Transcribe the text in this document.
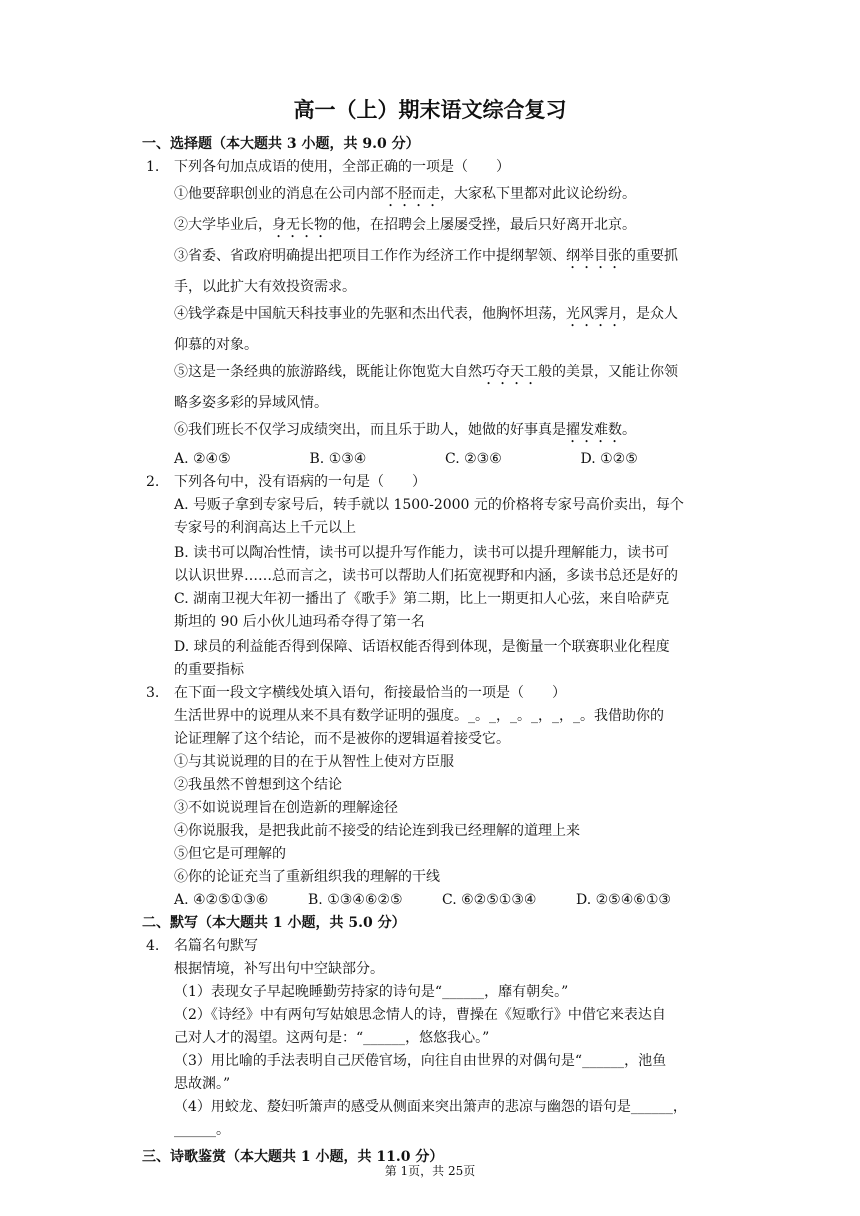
高一（上）期末语文综合复习
一、选择题（本大题共 3 小题，共 9.0 分）
1. 下列各句加点成语的使用，全部正确的一项是（　　）
①他要辞职创业的消息在公司内部不胫而走，大家私下里都对此议论纷纷。
②大学毕业后，身无长物的他，在招聘会上屡屡受挫，最后只好离开北京。
③省委、省政府明确提出把项目工作作为经济工作中提纲挈领、纲举目张的重要抓
手，以此扩大有效投资需求。
④钱学森是中国航天科技事业的先驱和杰出代表，他胸怀坦荡，光风霁月，是众人
仰慕的对象。
⑤这是一条经典的旅游路线，既能让你饱览大自然巧夺天工般的美景，又能让你领
略多姿多彩的异域风情。
⑥我们班长不仅学习成绩突出，而且乐于助人，她做的好事真是擢发难数。
A. ②④⑤	B. ①③④	C. ②③⑥	D. ①②⑤
2. 下列各句中，没有语病的一句是（　　）
A. 号贩子拿到专家号后，转手就以 1500-2000 元的价格将专家号高价卖出，每个
专家号的利润高达上千元以上
B. 读书可以陶冶性情，读书可以提升写作能力，读书可以提升理解能力，读书可
以认识世界……总而言之，读书可以帮助人们拓宽视野和内涵，多读书总还是好的
C. 湖南卫视大年初一播出了《歌手》第二期，比上一期更扣人心弦，来自哈萨克
斯坦的 90 后小伙儿迪玛希夺得了第一名
D. 球员的利益能否得到保障、话语权能否得到体现，是衡量一个联赛职业化程度
的重要指标
3. 在下面一段文字横线处填入语句，衔接最恰当的一项是（　　）
生活世界中的说理从来不具有数学证明的强度。_。_，_。_，_，_。我借助你的
论证理解了这个结论，而不是被你的逻辑逼着接受它。
①与其说说理的目的在于从智性上使对方臣服
②我虽然不曾想到这个结论
③不如说说理旨在创造新的理解途径
④你说服我，是把我此前不接受的结论连到我已经理解的道理上来
⑤但它是可理解的
⑥你的论证充当了重新组织我的理解的干线
A. ④②⑤①③⑥	B. ①③④⑥②⑤	C. ⑥②⑤①③④	D. ②⑤④⑥①③
二、默写（本大题共 1 小题，共 5.0 分）
4. 名篇名句默写
根据情境，补写出句中空缺部分。
（1）表现女子早起晚睡勤劳持家的诗句是“______，靡有朝矣。”
（2）《诗经》中有两句写姑娘思念情人的诗，曹操在《短歌行》中借它来表达自
己对人才的渴望。这两句是：“______，悠悠我心。”
（3）用比喻的手法表明自己厌倦官场，向往自由世界的对偶句是“______，池鱼
思故渊。”
（4）用蛟龙、嫠妇听箫声的感受从侧面来突出箫声的悲凉与幽怨的语句是______，
______。
三、诗歌鉴赏（本大题共 1 小题，共 11.0 分）
第 1页，共 25页
